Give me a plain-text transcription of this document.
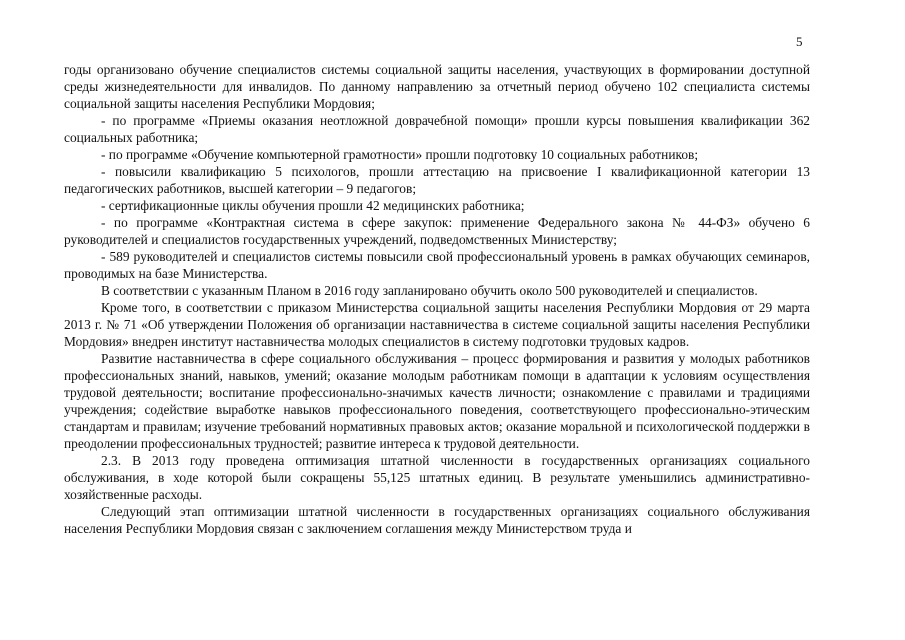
5

годы организовано обучение специалистов системы социальной защиты населения, участвующих в формировании доступной среды жизнедеятельности для инвалидов. По данному направлению за отчетный период обучено 102 специалиста системы социальной защиты населения Республики Мордовия;

- по программе «Приемы оказания неотложной доврачебной помощи» прошли курсы повышения квалификации 362 социальных работника;

- по программе «Обучение компьютерной грамотности» прошли подготовку 10 социальных работников;

- повысили квалификацию 5 психологов, прошли аттестацию на присвоение I квалификационной категории 13 педагогических работников, высшей категории – 9 педагогов;

- сертификационные циклы обучения прошли 42 медицинских работника;

- по программе «Контрактная система в сфере закупок: применение Федерального закона № 44-ФЗ» обучено 6 руководителей и специалистов государственных учреждений, подведомственных Министерству;

- 589 руководителей и специалистов системы повысили свой профессиональный уровень в рамках обучающих семинаров, проводимых на базе Министерства.

В соответствии с указанным Планом в 2016 году запланировано обучить около 500 руководителей и специалистов.

Кроме того, в соответствии с приказом Министерства социальной защиты населения Республики Мордовия от 29 марта 2013 г. № 71 «Об утверждении Положения об организации наставничества в системе социальной защиты населения Республики Мордовия» внедрен институт наставничества молодых специалистов в систему подготовки трудовых кадров.

Развитие наставничества в сфере социального обслуживания – процесс формирования и развития у молодых работников профессиональных знаний, навыков, умений; оказание молодым работникам помощи в адаптации к условиям осуществления трудовой деятельности; воспитание профессионально-значимых качеств личности; ознакомление с правилами и традициями учреждения; содействие выработке навыков профессионального поведения, соответствующего профессионально-этическим стандартам и правилам; изучение требований нормативных правовых актов; оказание моральной и психологической поддержки в преодолении профессиональных трудностей; развитие интереса к трудовой деятельности.

2.3. В 2013 году проведена оптимизация штатной численности в государственных организациях социального обслуживания, в ходе которой были сокращены 55,125 штатных единиц. В результате уменьшились административно-хозяйственные расходы.

Следующий этап оптимизации штатной численности в государственных организациях социального обслуживания населения Республики Мордовия связан с заключением соглашения между Министерством труда и
